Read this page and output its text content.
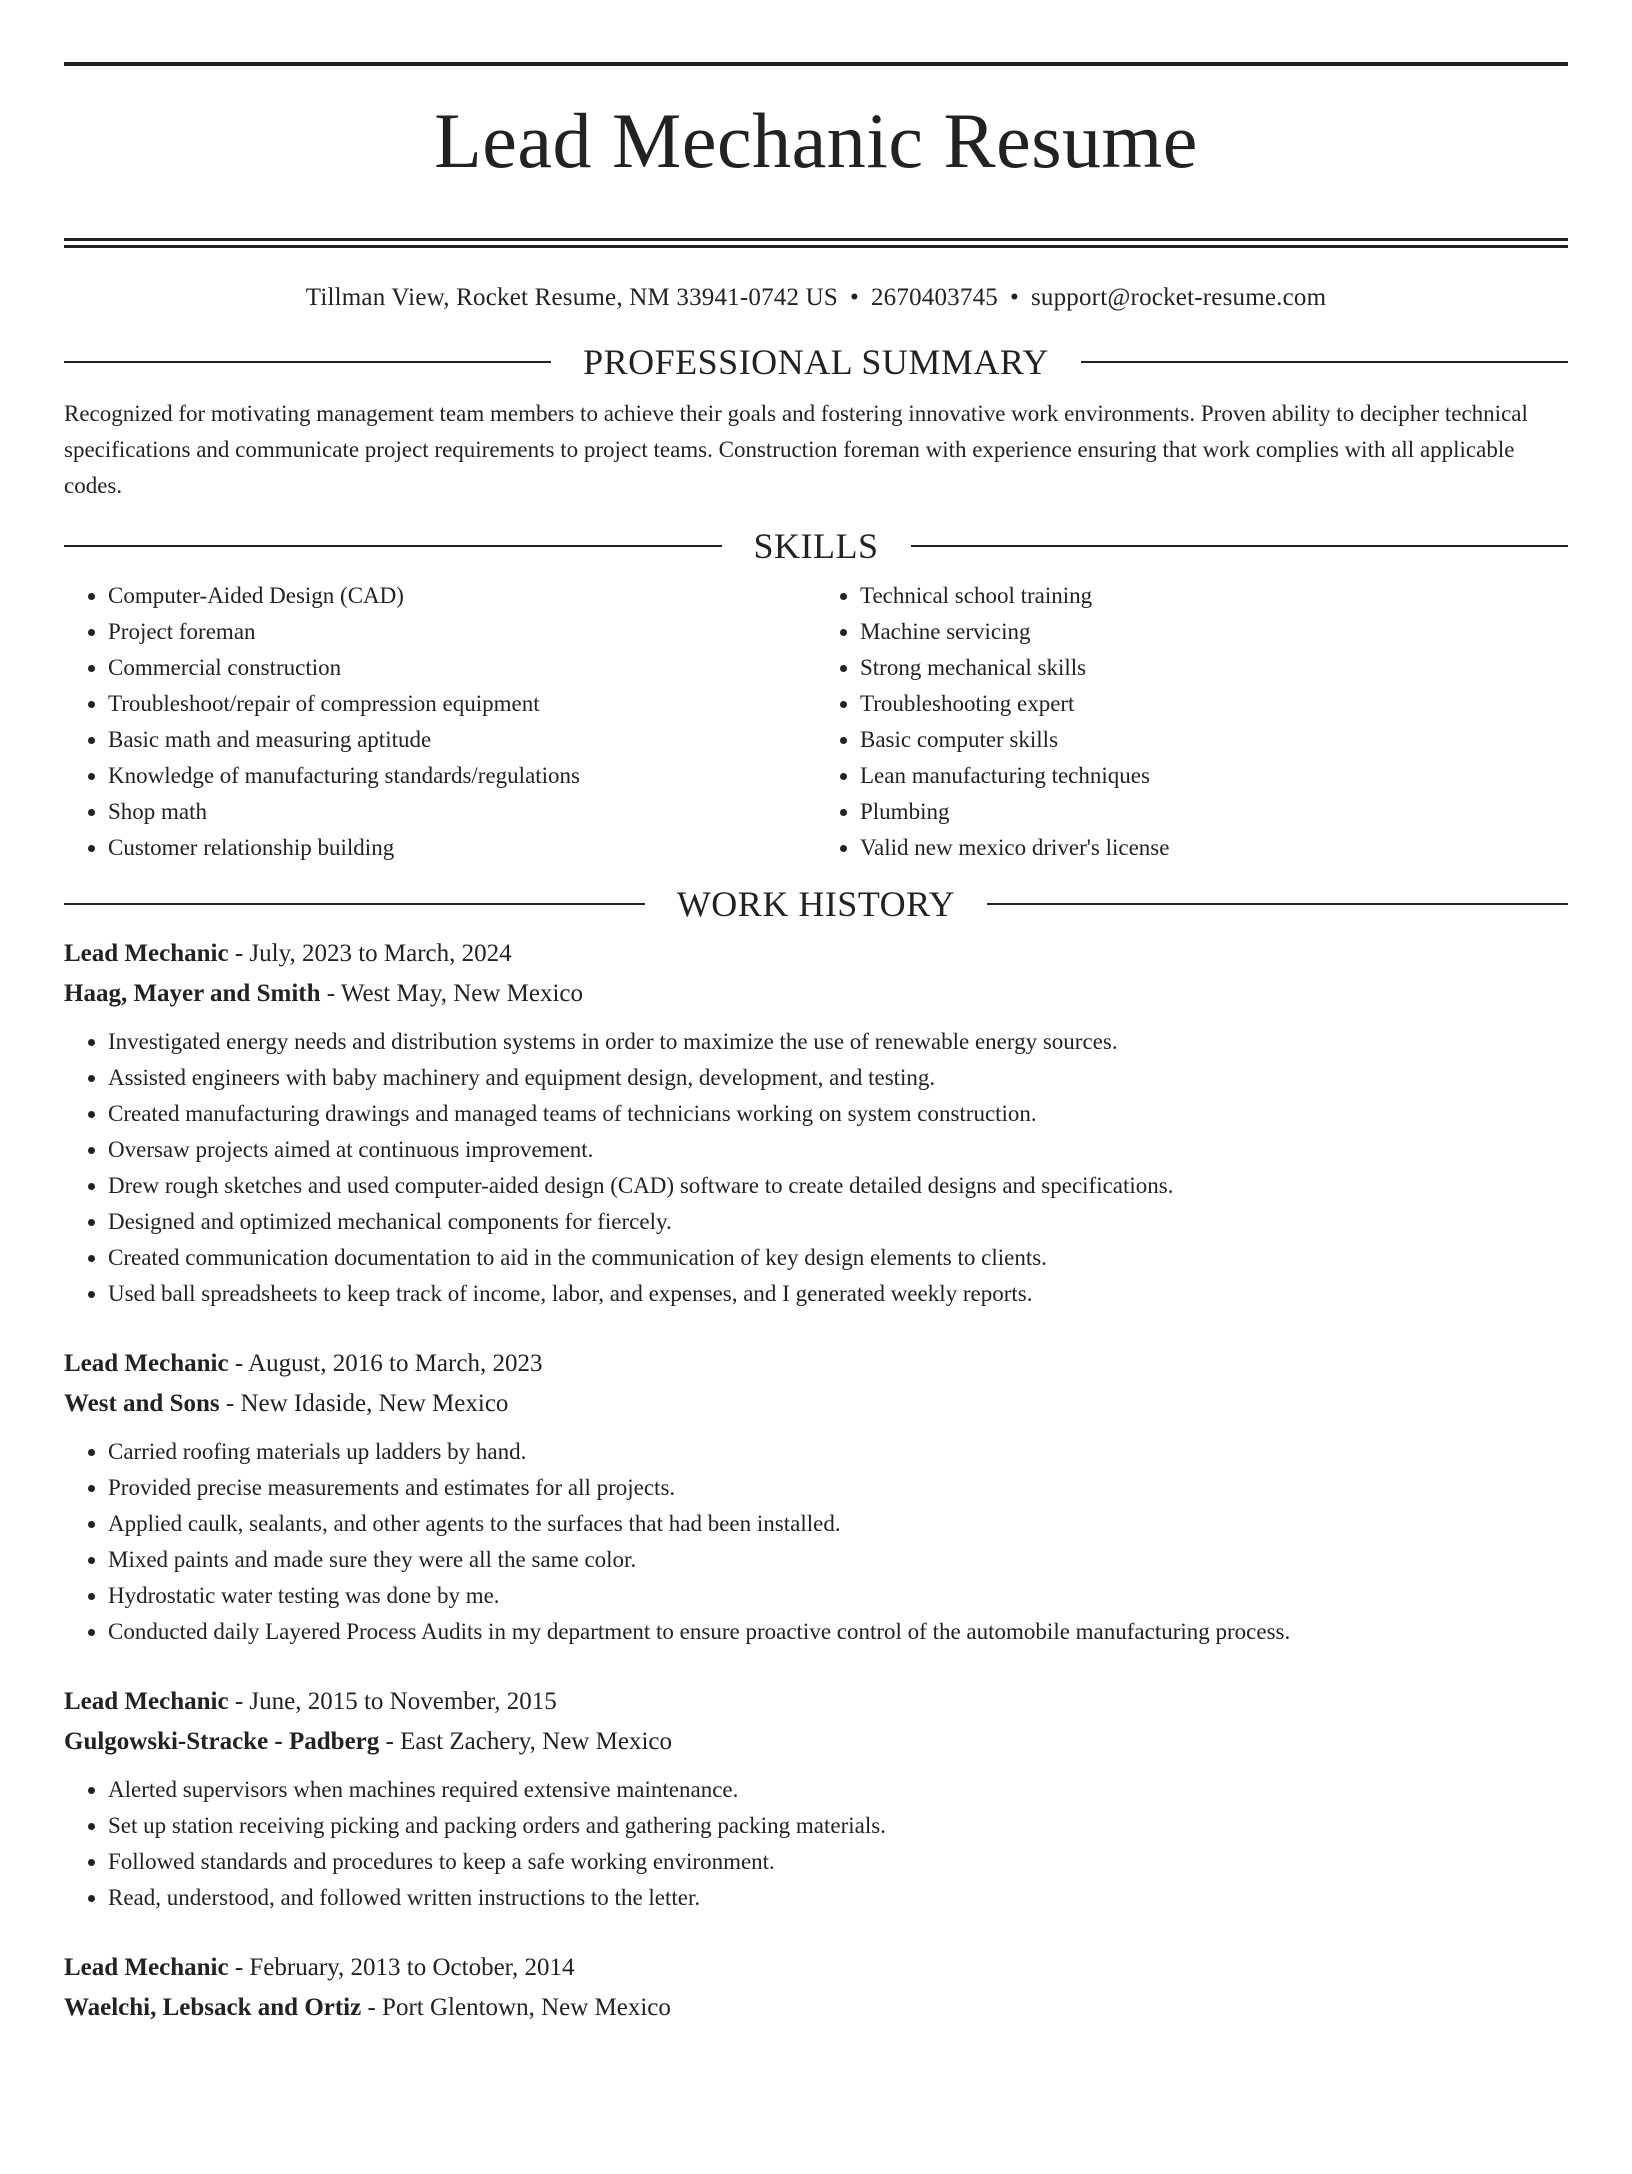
Lead Mechanic Resume
Tillman View, Rocket Resume, NM 33941-0742 US • 2670403745 • support@rocket-resume.com
PROFESSIONAL SUMMARY

Recognized for motivating management team members to achieve their goals and fostering innovative work environments. Proven ability to decipher technical specifications and communicate project requirements to project teams. Construction foreman with experience ensuring that work complies with all applicable codes.

SKILLS
• Computer-Aided Design (CAD)
• Project foreman
• Commercial construction
• Troubleshoot/repair of compression equipment
• Basic math and measuring aptitude
• Knowledge of manufacturing standards/regulations
• Shop math
• Customer relationship building
• Technical school training
• Machine servicing
• Strong mechanical skills
• Troubleshooting expert
• Basic computer skills
• Lean manufacturing techniques
• Plumbing
• Valid new mexico driver's license
WORK HISTORY
Lead Mechanic - July, 2023 to March, 2024
Haag, Mayer and Smith - West May, New Mexico
• Investigated energy needs and distribution systems in order to maximize the use of renewable energy sources.
• Assisted engineers with baby machinery and equipment design, development, and testing.
• Created manufacturing drawings and managed teams of technicians working on system construction.
• Oversaw projects aimed at continuous improvement.
• Drew rough sketches and used computer-aided design (CAD) software to create detailed designs and specifications.
• Designed and optimized mechanical components for fiercely.
• Created communication documentation to aid in the communication of key design elements to clients.
• Used ball spreadsheets to keep track of income, labor, and expenses, and I generated weekly reports.
Lead Mechanic - August, 2016 to March, 2023
West and Sons - New Idaside, New Mexico
• Carried roofing materials up ladders by hand.
• Provided precise measurements and estimates for all projects.
• Applied caulk, sealants, and other agents to the surfaces that had been installed.
• Mixed paints and made sure they were all the same color.
• Hydrostatic water testing was done by me.
• Conducted daily Layered Process Audits in my department to ensure proactive control of the automobile manufacturing process.
Lead Mechanic - June, 2015 to November, 2015
Gulgowski-Stracke - Padberg - East Zachery, New Mexico
• Alerted supervisors when machines required extensive maintenance.
• Set up station receiving picking and packing orders and gathering packing materials.
• Followed standards and procedures to keep a safe working environment.
• Read, understood, and followed written instructions to the letter.
Lead Mechanic - February, 2013 to October, 2014
Waelchi, Lebsack and Ortiz - Port Glentown, New Mexico
